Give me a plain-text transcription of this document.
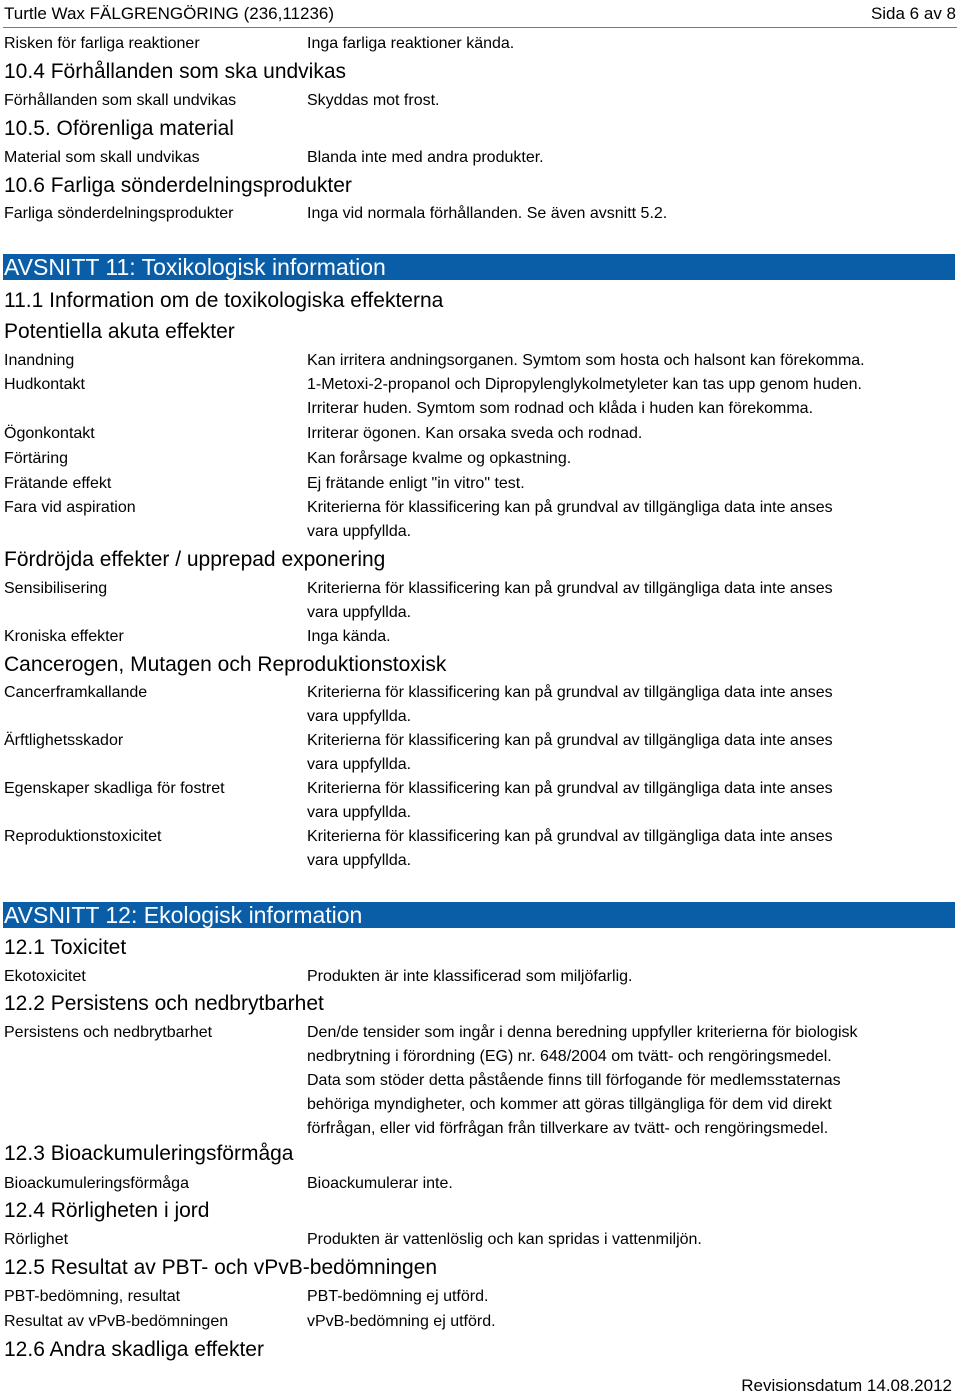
Turtle Wax FÄLGRENGÖRING (236,11236)	Sida 6 av 8
Risken för farliga reaktioner	Inga farliga reaktioner kända.
10.4 Förhållanden som ska undvikas
Förhållanden som skall undvikas	Skyddas mot frost.
10.5. Oförenliga material
Material som skall undvikas	Blanda inte med andra produkter.
10.6 Farliga sönderdelningsprodukter
Farliga sönderdelningsprodukter	Inga vid normala förhållanden. Se även avsnitt 5.2.
AVSNITT 11: Toxikologisk information
11.1 Information om de toxikologiska effekterna
Potentiella akuta effekter
Inandning	Kan irritera andningsorganen. Symtom som hosta och halsont kan förekomma.
Hudkontakt	1-Metoxi-2-propanol och Dipropylenglykolmetyleter kan tas upp genom huden.
Irriterar huden. Symtom som rodnad och klåda i huden kan förekomma.
Ögonkontakt	Irriterar ögonen. Kan orsaka sveda och rodnad.
Förtäring	Kan forårsage kvalme og opkastning.
Frätande effekt	Ej frätande enligt "in vitro" test.
Fara vid aspiration	Kriterierna för klassificering kan på grundval av tillgängliga data inte anses
vara uppfyllda.
Fördröjda effekter / upprepad exponering
Sensibilisering	Kriterierna för klassificering kan på grundval av tillgängliga data inte anses
vara uppfyllda.
Kroniska effekter	Inga kända.
Cancerogen, Mutagen och Reproduktionstoxisk
Cancerframkallande	Kriterierna för klassificering kan på grundval av tillgängliga data inte anses
vara uppfyllda.
Ärftlighetsskador	Kriterierna för klassificering kan på grundval av tillgängliga data inte anses
vara uppfyllda.
Egenskaper skadliga för fostret	Kriterierna för klassificering kan på grundval av tillgängliga data inte anses
vara uppfyllda.
Reproduktionstoxicitet	Kriterierna för klassificering kan på grundval av tillgängliga data inte anses
vara uppfyllda.
AVSNITT 12: Ekologisk information
12.1 Toxicitet
Ekotoxicitet	Produkten är inte klassificerad som miljöfarlig.
12.2 Persistens och nedbrytbarhet
Persistens och nedbrytbarhet	Den/de tensider som ingår i denna beredning uppfyller kriterierna för biologisk
nedbrytning i förordning (EG) nr. 648/2004 om tvätt- och rengöringsmedel.
Data som stöder detta påstående finns till förfogande för medlemsstaternas
behöriga myndigheter, och kommer att göras tillgängliga för dem vid direkt
förfrågan, eller vid förfrågan från tillverkare av tvätt- och rengöringsmedel.
12.3 Bioackumuleringsförmåga
Bioackumuleringsförmåga	Bioackumulerar inte.
12.4 Rörligheten i jord
Rörlighet	Produkten är vattenlöslig och kan spridas i vattenmiljön.
12.5 Resultat av PBT- och vPvB-bedömningen
PBT-bedömning, resultat	PBT-bedömning ej utförd.
Resultat av vPvB-bedömningen	vPvB-bedömning ej utförd.
12.6 Andra skadliga effekter
Revisionsdatum 14.08.2012
